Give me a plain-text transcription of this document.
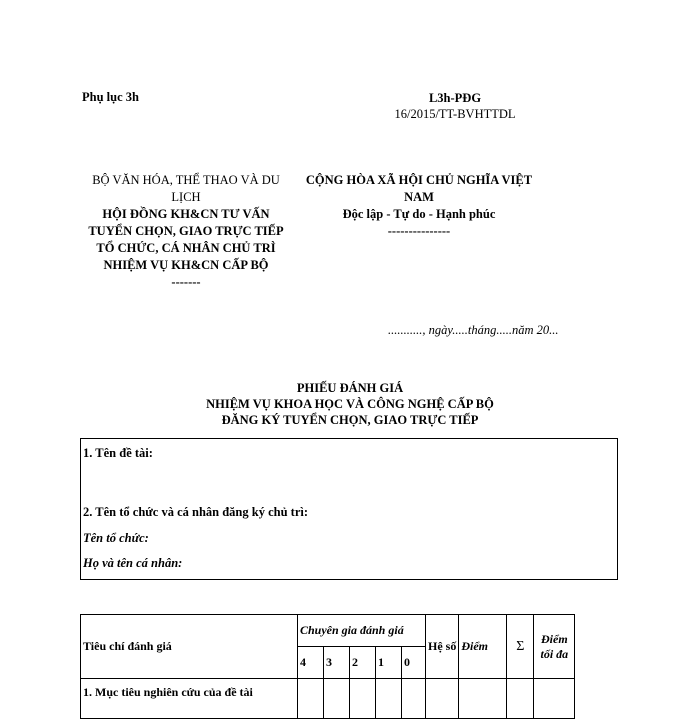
Phụ lục 3h	L3h-PĐG
16/2015/TT-BVHTTDL
BỘ VĂN HÓA, THỂ THAO VÀ DU LỊCH
HỘI ĐỒNG KH&CN TƯ VẤN TUYỂN CHỌN, GIAO TRỰC TIẾP TỔ CHỨC, CÁ NHÂN CHỦ TRÌ NHIỆM VỤ KH&CN CẤP BỘ
-------
CỘNG HÒA XÃ HỘI CHỦ NGHĨA VIỆT NAM
Độc lập - Tự do - Hạnh phúc
---------------
..........., ngày.....tháng.....năm 20...
PHIẾU ĐÁNH GIÁ
NHIỆM VỤ KHOA HỌC VÀ CÔNG NGHỆ CẤP BỘ
ĐĂNG KÝ TUYỂN CHỌN, GIAO TRỰC TIẾP
1. Tên đề tài:
2. Tên tổ chức và cá nhân đăng ký chủ trì:
Tên tổ chức:
Họ và tên cá nhân:
Tiêu chí đánh giá	Chuyên gia đánh giá					Hệ số	Điểm	Σ	Điểm tối đa
	4	3	2	1	0				
1. Mục tiêu nghiên cứu của đề tài									
